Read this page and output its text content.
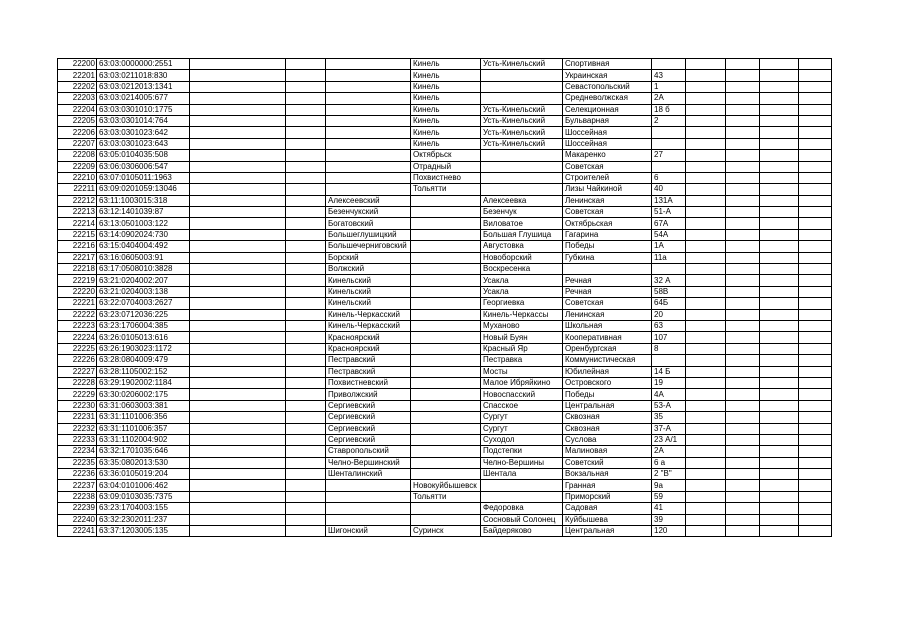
22200	63:03:0000000:2551				Кинель	Усть-Кинельский	Спортивная					
22201	63:03:0211018:830				Кинель		Украинская	43				
22202	63:03:0212013:1341				Кинель		Севастопольский	1				
22203	63:03:0214005:677				Кинель		Средневолжская	2А				
22204	63:03:0301010:1775				Кинель	Усть-Кинельский	Селекционная	18 б				
22205	63:03:0301014:764				Кинель	Усть-Кинельский	Бульварная	2				
22206	63:03:0301023:642				Кинель	Усть-Кинельский	Шоссейная					
22207	63:03:0301023:643				Кинель	Усть-Кинельский	Шоссейная					
22208	63:05:0104035:508				Октябрьск		Макаренко	27				
22209	63:06:0306006:547				Отрадный		Советская					
22210	63:07:0105011:1963				Похвистнево		Строителей	6				
22211	63:09:0201059:13046				Тольятти		Лизы Чайкиной	40				
22212	63:11:1003015:318			Алексеевский		Алексеевка	Ленинская	131А				
22213	63:12:1401039:87			Безенчукский		Безенчук	Советская	51-А				
22214	63:13:0501003:122			Богатовский		Виловатое	Октябрьская	67А				
22215	63:14:0902024:730			Большеглушицкий		Большая Глушица	Гагарина	54А				
22216	63:15:0404004:492			Большечерниговский		Августовка	Победы	1А				
22217	63:16:0605003:91			Борский		Новоборский	Губкина	11а				
22218	63:17:0508010:3828			Волжский		Воскресенка						
22219	63:21:0204002:207			Кинельский		Усакла	Речная	32 А				
22220	63:21:0204003:138			Кинельский		Усакла	Речная	58В				
22221	63:22:0704003:2627			Кинельский		Георгиевка	Советская	64Б				
22222	63:23:0712036:225			Кинель-Черкасский		Кинель-Черкассы	Ленинская	20				
22223	63:23:1706004:385			Кинель-Черкасский		Муханово	Школьная	63				
22224	63:26:0105013:616			Красноярский		Новый Буян	Кооперативная	107				
22225	63:26:1903023:1172			Красноярский		Красный Яр	Оренбургская	8				
22226	63:28:0804009:479			Пестравский		Пестравка	Коммунистическая					
22227	63:28:1105002:152			Пестравский		Мосты	Юбилейная	14 Б				
22228	63:29:1902002:1184			Похвистневский		Малое Ибряйкино	Островского	19				
22229	63:30:0206002:175			Приволжский		Новоспасский	Победы	4А				
22230	63:31:0603003:381			Сергиевский		Спасское	Центральная	53-А				
22231	63:31:1101006:356			Сергиевский		Сургут	Сквозная	35				
22232	63:31:1101006:357			Сергиевский		Сургут	Сквозная	37-А				
22233	63:31:1102004:902			Сергиевский		Суходол	Суслова	23 А/1				
22234	63:32:1701035:646			Ставропольский		Подстепки	Малиновая	2А				
22235	63:35:0802013:530			Челно-Вершинский		Челно-Вершины	Советский	6 а				
22236	63:36:0105019:204			Шенталинский		Шентала	Вокзальная	2 "В"				
22237	63:04:0101006:462				Новокуйбышевск		Гранная	9а				
22238	63:09:0103035:7375				Тольятти		Приморский	59				
22239	63:23:1704003:155					Федоровка	Садовая	41				
22240	63:32:2302011:237					Сосновый Солонец	Куйбышева	39				
22241	63:37:1203005:135			Шигонский	Суринск	Байдеряково	Центральная	120				
